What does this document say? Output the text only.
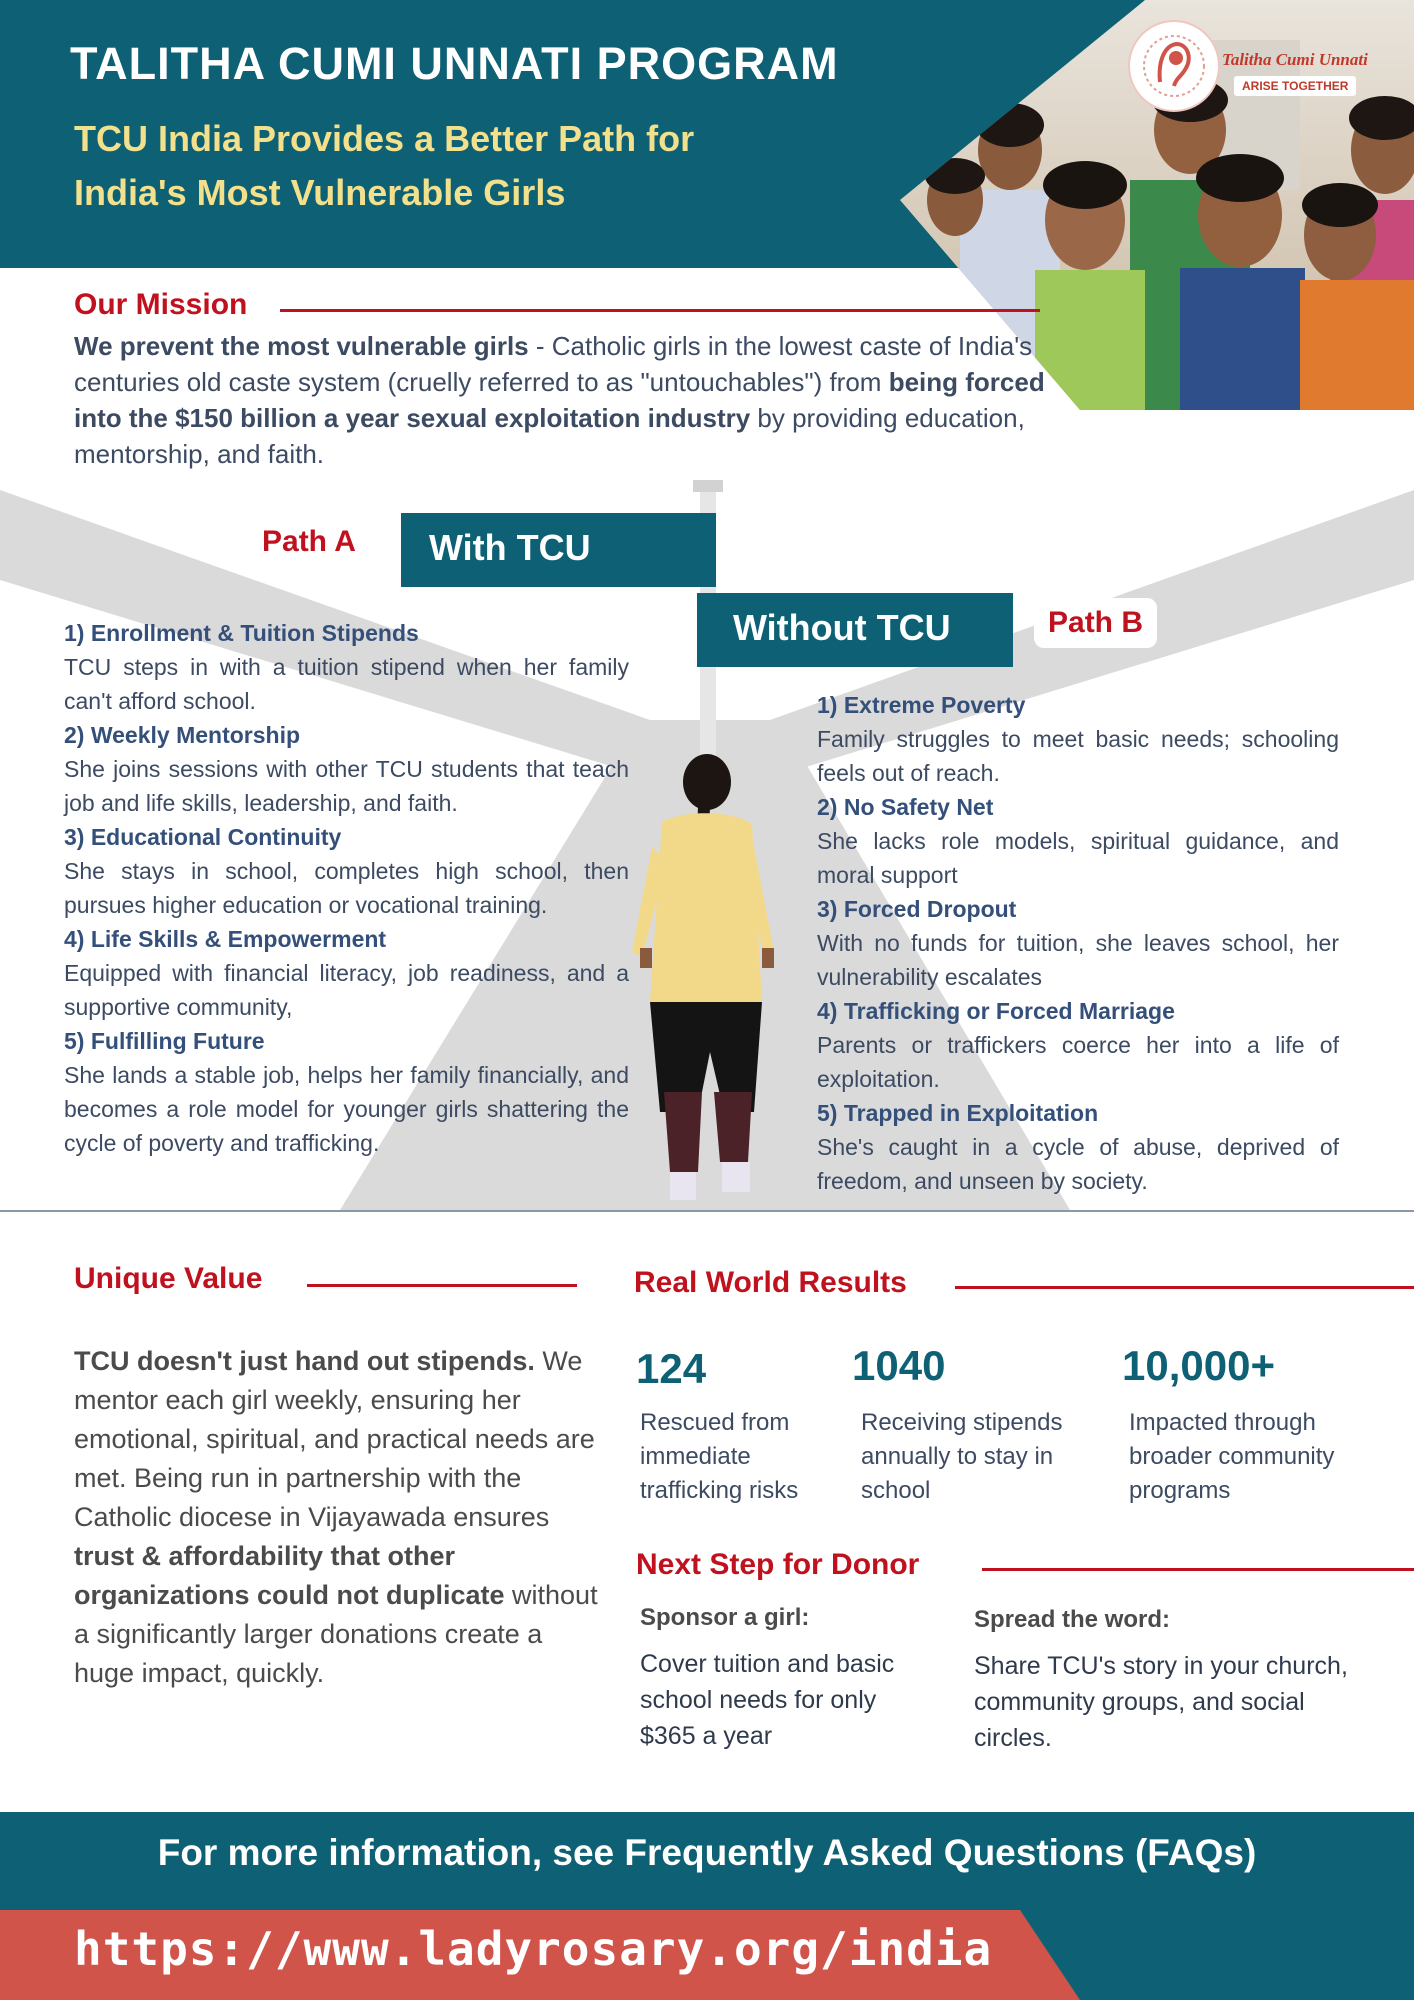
TALITHA CUMI UNNATI PROGRAM
TCU India Provides a Better Path for
India's Most Vulnerable Girls
Talitha Cumi Unnati
ARISE TOGETHER
Our Mission
We prevent the most vulnerable girls - Catholic girls in the lowest caste of India's centuries old caste system (cruelly referred to as "untouchables") from being forced into the $150 billion a year sexual exploitation industry by providing education, mentorship, and faith.
Path A	With TCU
Without TCU	Path B
1) Enrollment & Tuition Stipends
TCU steps in with a tuition stipend when her family can't afford school.
2) Weekly Mentorship
She joins sessions with other TCU students that teach job and life skills, leadership, and faith.
3) Educational Continuity
She stays in school, completes high school, then pursues higher education or vocational training.
4) Life Skills & Empowerment
Equipped with financial literacy, job readiness, and a supportive community,
5) Fulfilling Future
She lands a stable job, helps her family financially, and becomes a role model for younger girls shattering the cycle of poverty and trafficking.
1) Extreme Poverty
Family struggles to meet basic needs; schooling feels out of reach.
2) No Safety Net
She lacks role models, spiritual guidance, and moral support
3) Forced Dropout
With no funds for tuition, she leaves school, her vulnerability escalates
4) Trafficking or Forced Marriage
Parents or traffickers coerce her into a life of exploitation.
5) Trapped in Exploitation
She's caught in a cycle of abuse, deprived of freedom, and unseen by society.
Unique Value
TCU doesn't just hand out stipends. We mentor each girl weekly, ensuring her emotional, spiritual, and practical needs are met. Being run in partnership with the Catholic diocese in Vijayawada ensures trust & affordability that other organizations could not duplicate without a significantly larger donations create a huge impact, quickly.
Real World Results
124
Rescued from immediate trafficking risks
1040
Receiving stipends annually to stay in school
10,000+
Impacted through broader community programs
Next Step for Donor
Sponsor a girl:
Cover tuition and basic school needs for only $365 a year
Spread the word:
Share TCU's story in your church, community groups, and social circles.
For more information, see Frequently Asked Questions (FAQs)
https://www.ladyrosary.org/india
